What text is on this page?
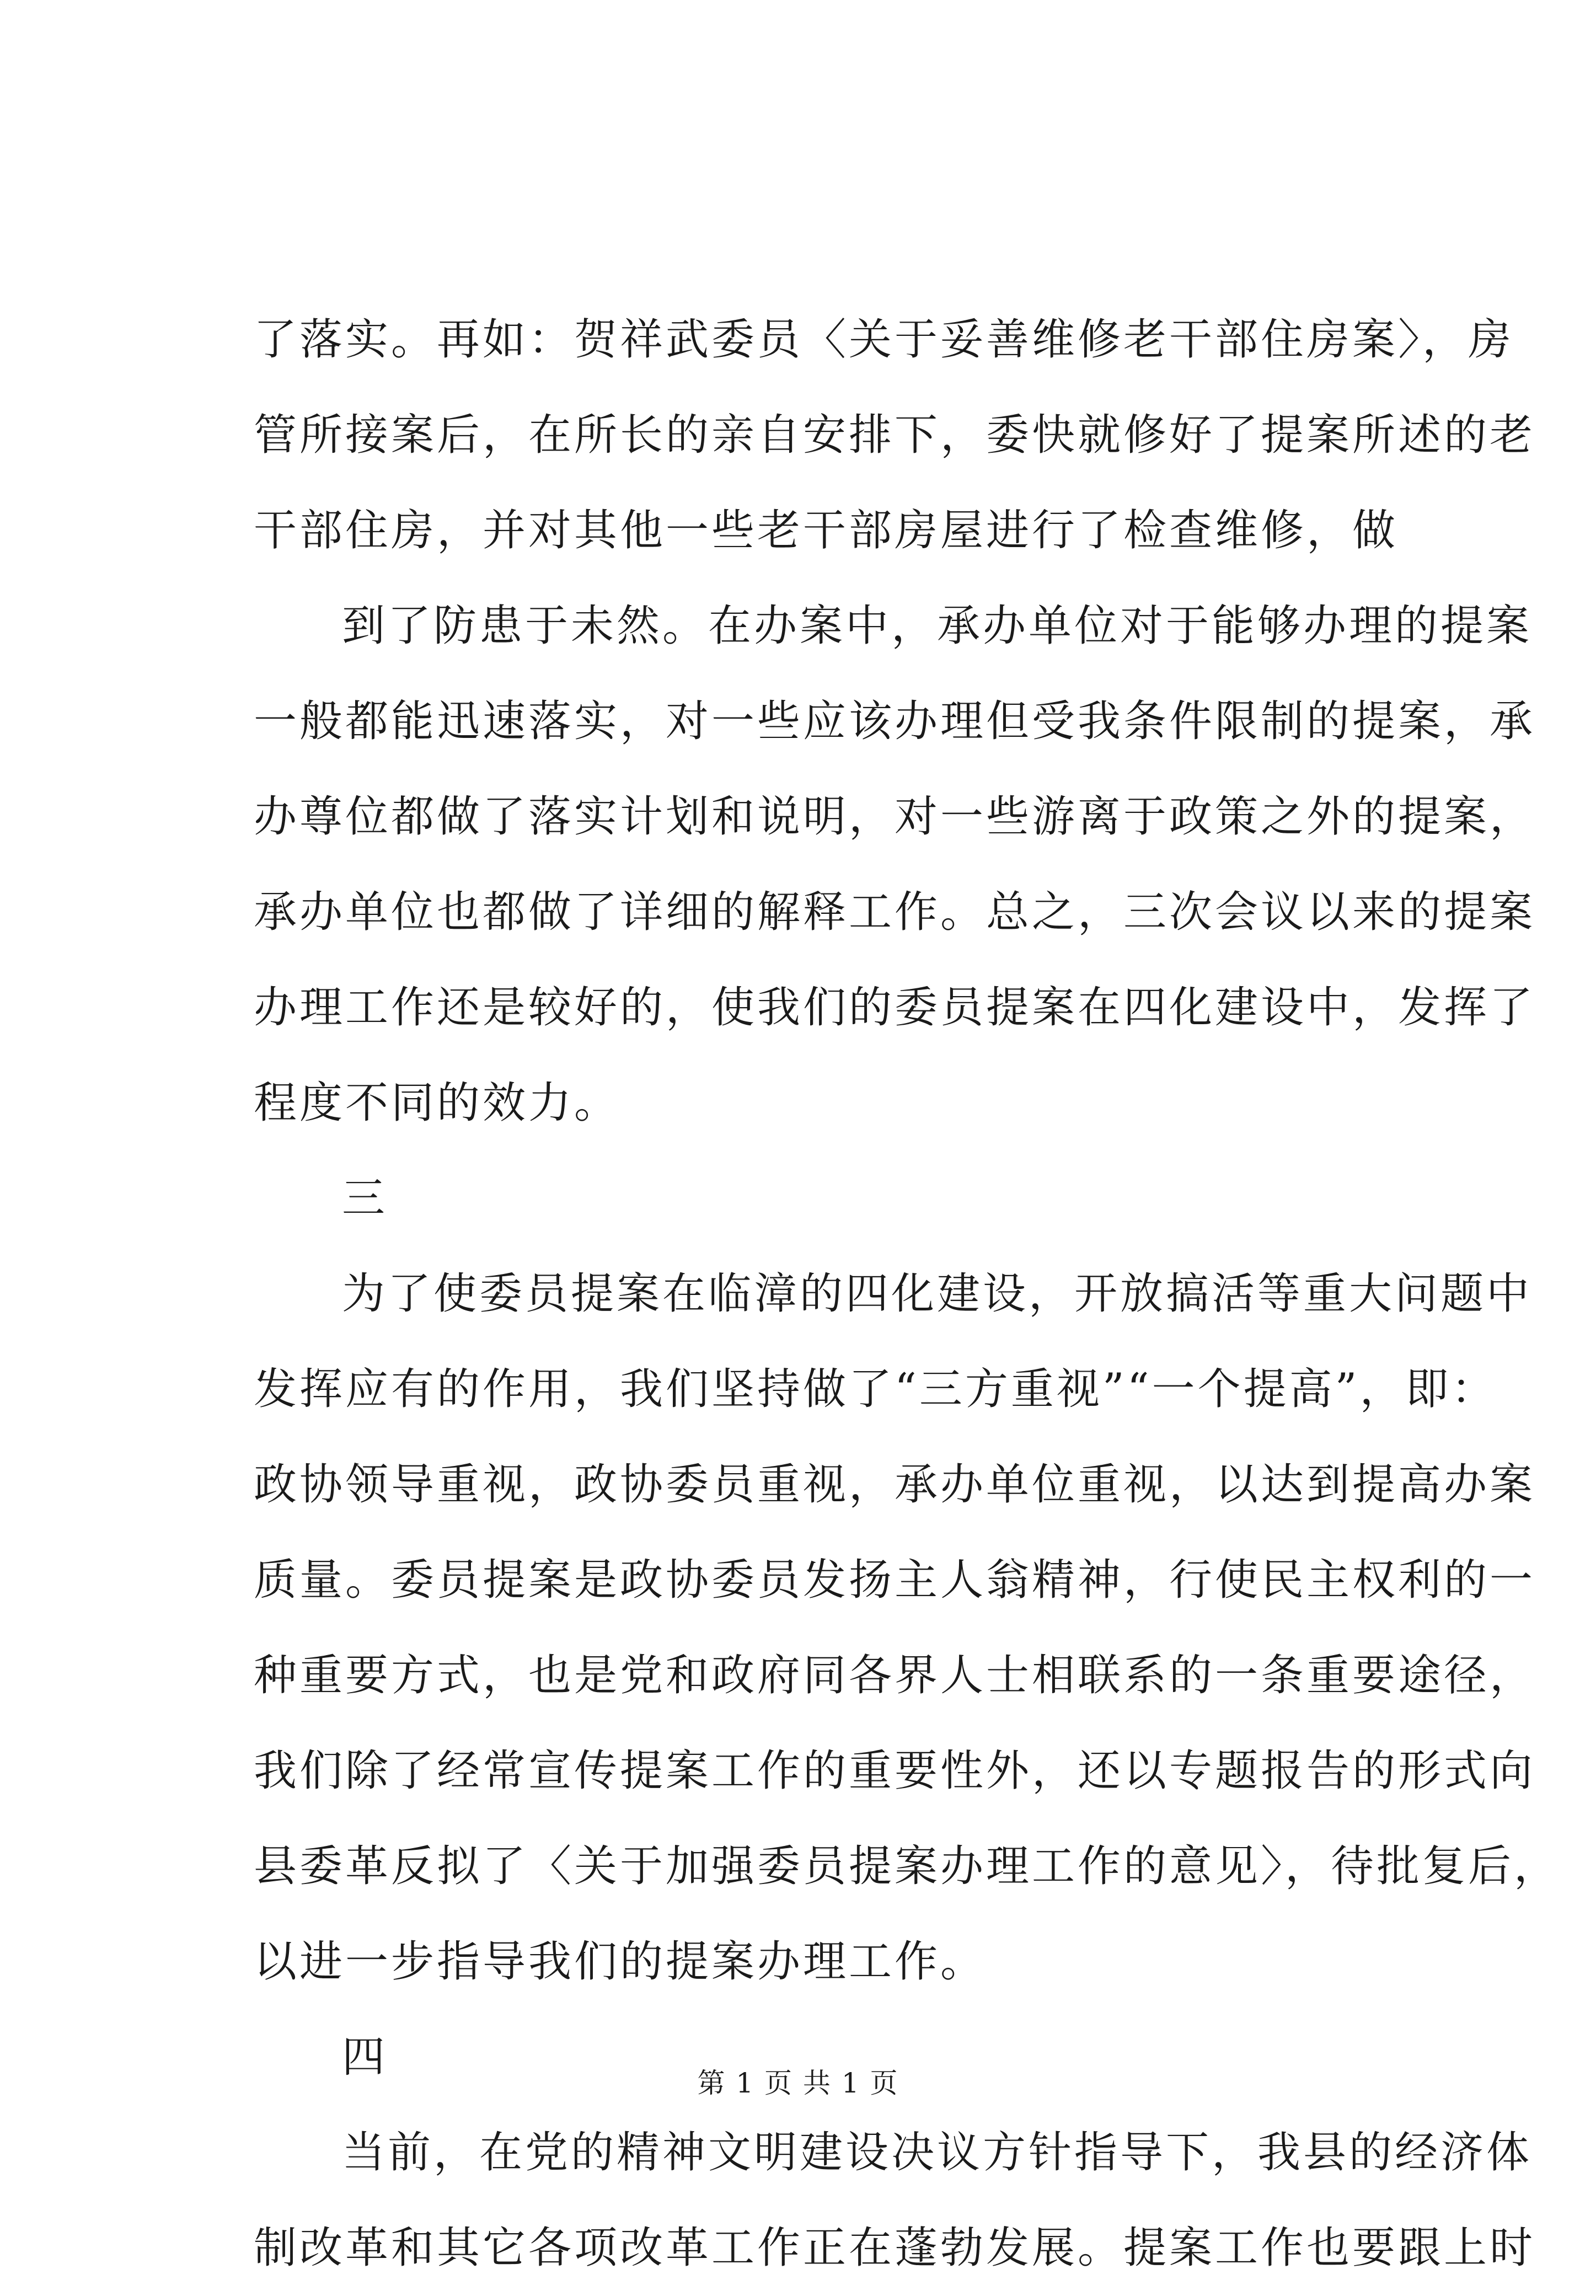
了落实。再如：贺祥武委员〈关于妥善维修老干部住房案〉，房
管所接案后，在所长的亲自安排下，委快就修好了提案所述的老
干部住房，并对其他一些老干部房屋进行了检查维修，做
到了防患于未然。在办案中，承办单位对于能够办理的提案
一般都能迅速落实，对一些应该办理但受我条件限制的提案，承
办尊位都做了落实计划和说明，对一些游离于政策之外的提案，
承办单位也都做了详细的解释工作。总之，三次会议以来的提案
办理工作还是较好的，使我们的委员提案在四化建设中，发挥了
程度不同的效力。
三
为了使委员提案在临漳的四化建设，开放搞活等重大问题中
发挥应有的作用，我们坚持做了“三方重视”“一个提高”，即：
政协领导重视，政协委员重视，承办单位重视，以达到提高办案
质量。委员提案是政协委员发扬主人翁精神，行使民主权利的一
种重要方式，也是党和政府同各界人士相联系的一条重要途径，
我们除了经常宣传提案工作的重要性外，还以专题报告的形式向
县委革反拟了〈关于加强委员提案办理工作的意见〉，待批复后，
以进一步指导我们的提案办理工作。
四
当前，在党的精神文明建设决议方针指导下，我县的经济体
制改革和其它各项改革工作正在蓬勃发展。提案工作也要跟上时
第 1 页 共 1 页
